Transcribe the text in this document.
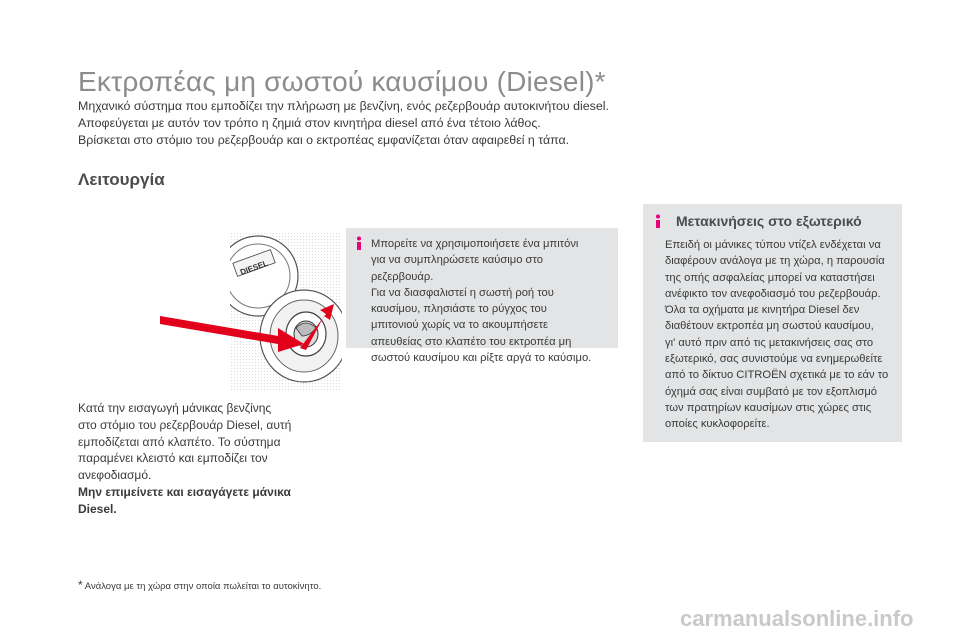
Εκτροπέας μη σωστού καυσίμου (Diesel)*
Μηχανικό σύστημα που εμποδίζει την πλήρωση με βενζίνη, ενός ρεζερβουάρ αυτοκινήτου diesel.
Αποφεύγεται με αυτόν τον τρόπο η ζημιά στον κινητήρα diesel από ένα τέτοιο λάθος.
Βρίσκεται στο στόμιο του ρεζερβουάρ και ο εκτροπέας εμφανίζεται όταν αφαιρεθεί η τάπα.
Λειτουργία
DIESEL
Μπορείτε να χρησιμοποιήσετε ένα μπιτόνι
για να συμπληρώσετε καύσιμο στο
ρεζερβουάρ.
Για να διασφαλιστεί η σωστή ροή του
καυσίμου, πλησιάστε το ρύγχος του
μπιτονιού χωρίς να το ακουμπήσετε
απευθείας στο κλαπέτο του εκτροπέα μη
σωστού καυσίμου και ρίξτε αργά το καύσιμο.
Μετακινήσεις στο εξωτερικό
Επειδή οι μάνικες τύπου ντίζελ ενδέχεται να
διαφέρουν ανάλογα με τη χώρα, η παρουσία
της οπής ασφαλείας μπορεί να καταστήσει
ανέφικτο τον ανεφοδιασμό του ρεζερβουάρ.
Όλα τα οχήματα με κινητήρα Diesel δεν
διαθέτουν εκτροπέα μη σωστού καυσίμου,
γι' αυτό πριν από τις μετακινήσεις σας στο
εξωτερικό, σας συνιστούμε να ενημερωθείτε
από το δίκτυο CITROËN σχετικά με το εάν το
όχημά σας είναι συμβατό με τον εξοπλισμό
των πρατηρίων καυσίμων στις χώρες στις
οποίες κυκλοφορείτε.
Κατά την εισαγωγή μάνικας βενζίνης
στο στόμιο του ρεζερβουάρ Diesel, αυτή
εμποδίζεται από κλαπέτο. Το σύστημα
παραμένει κλειστό και εμποδίζει τον
ανεφοδιασμό.
Μην επιμείνετε και εισαγάγετε μάνικα
Diesel.
* Ανάλογα με τη χώρα στην οποία πωλείται το αυτοκίνητο.
carmanualsonline.info
